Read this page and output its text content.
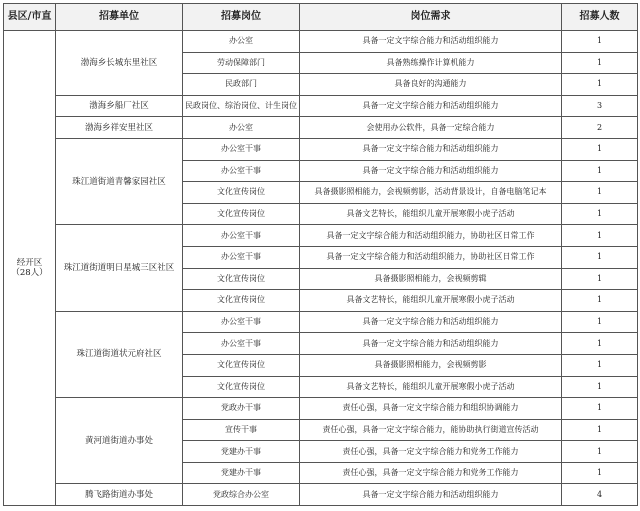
县区/市直	招募单位	招募岗位	岗位需求	招募人数

经开区
（28人）	渤海乡长城东里社区	办公室	具备一定文字综合能力和活动组织能力	1
		劳动保障部门	具备熟练操作计算机能力	1
		民政部门	具备良好的沟通能力	1
	渤海乡船厂社区	民政岗位、综治岗位、计生岗位	具备一定文字综合能力和活动组织能力	3
	渤海乡祥安里社区	办公室	会使用办公软件，具备一定综合能力	2
	珠江道街道青馨家园社区	办公室干事	具备一定文字综合能力和活动组织能力	1
		办公室干事	具备一定文字综合能力和活动组织能力	1
		文化宣传岗位	具备摄影照相能力，会视频剪影，活动背景设计，自备电脑笔记本	1
		文化宣传岗位	具备文艺特长，能组织儿童开展寒假小虎子活动	1
	珠江道街道明日星城三区社区	办公室干事	具备一定文字综合能力和活动组织能力，协助社区日常工作	1
		办公室干事	具备一定文字综合能力和活动组织能力，协助社区日常工作	1
		文化宣传岗位	具备摄影照相能力，会视频剪辑	1
		文化宣传岗位	具备文艺特长，能组织儿童开展寒假小虎子活动	1
	珠江道街道状元府社区	办公室干事	具备一定文字综合能力和活动组织能力	1
		办公室干事	具备一定文字综合能力和活动组织能力	1
		文化宣传岗位	具备摄影照相能力，会视频剪影	1
		文化宣传岗位	具备文艺特长，能组织儿童开展寒假小虎子活动	1
	黄河道街道办事处	党政办干事	责任心强，具备一定文字综合能力和组织协调能力	1
		宣传干事	责任心强，具备一定文字综合能力，能协助执行街道宣传活动	1
		党建办干事	责任心强，具备一定文字综合能力和党务工作能力	1
		党建办干事	责任心强，具备一定文字综合能力和党务工作能力	1
	腾飞路街道办事处	党政综合办公室	具备一定文字综合能力和活动组织能力	4
